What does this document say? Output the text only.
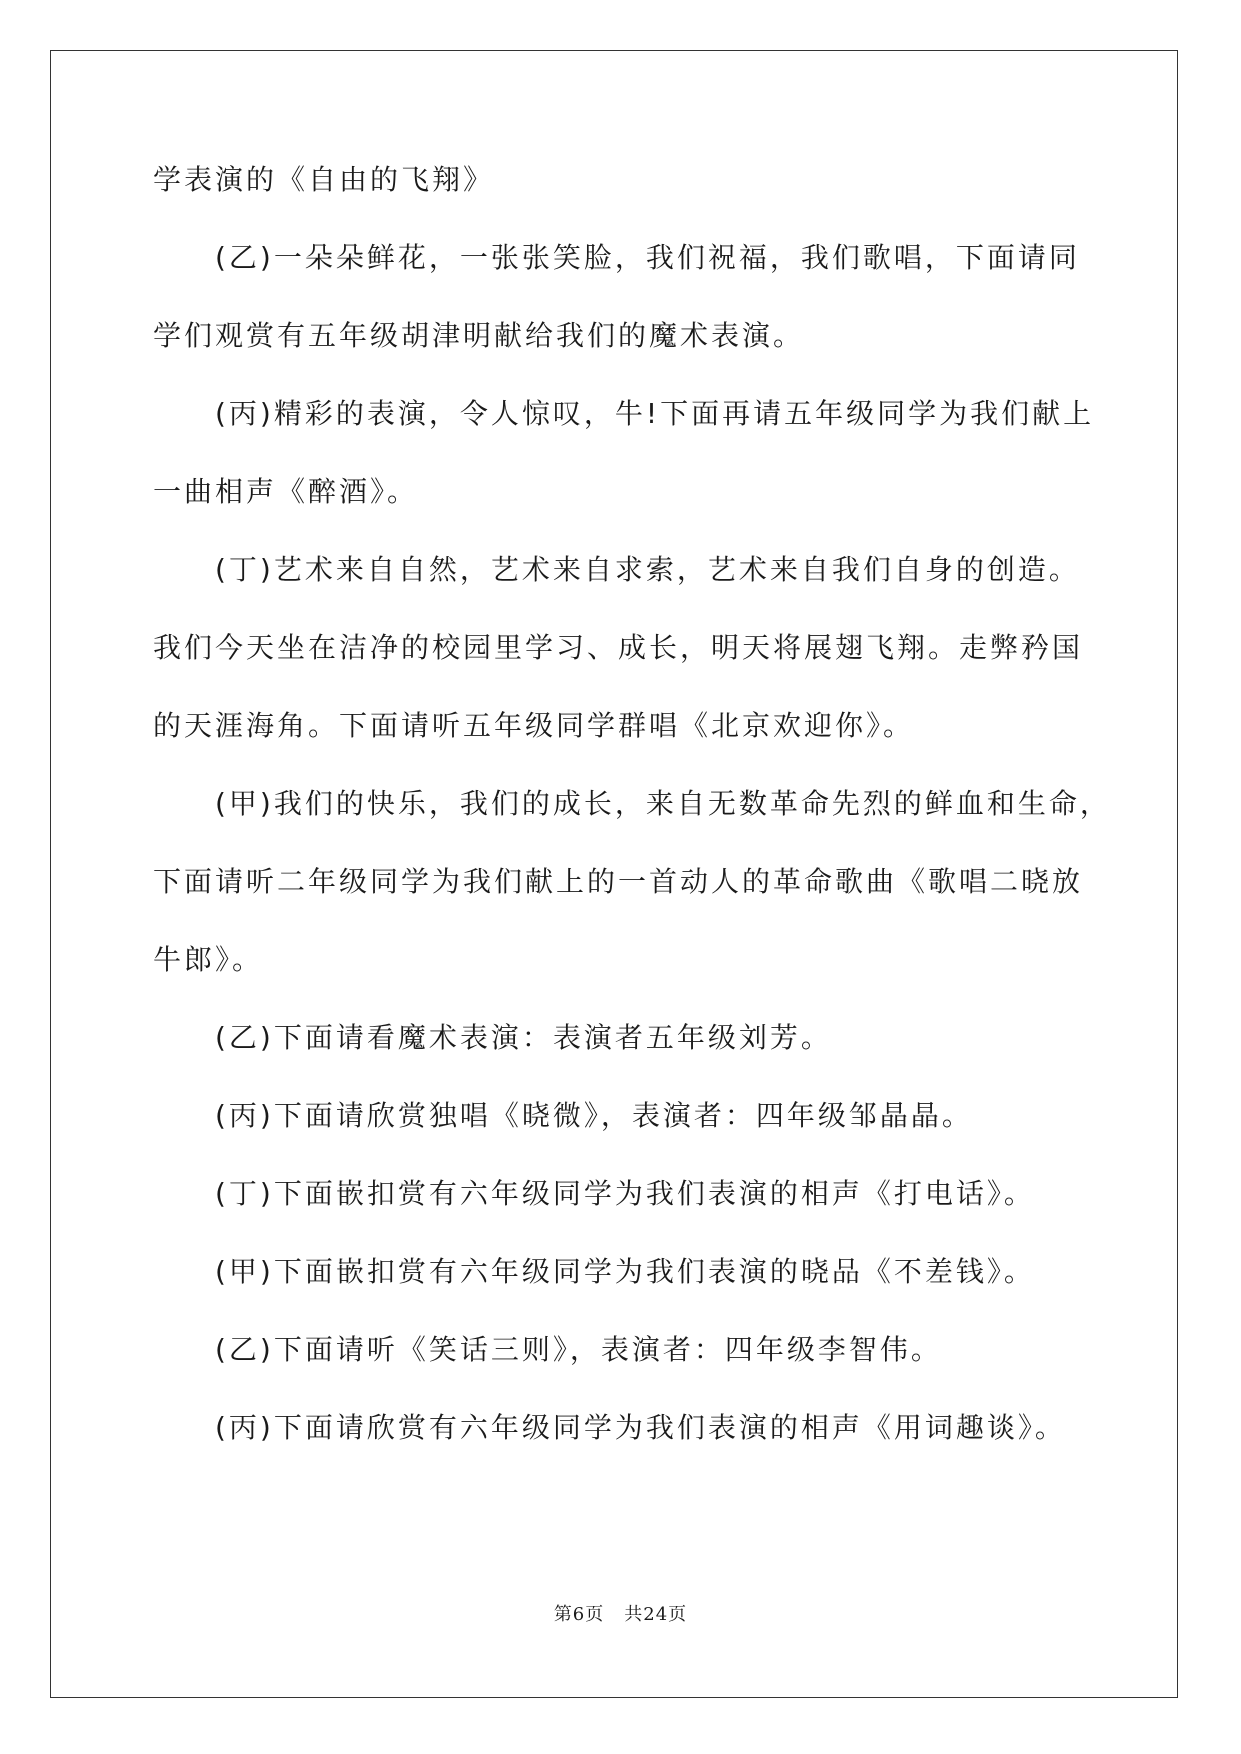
学表演的《自由的飞翔》
(乙)一朵朵鲜花，一张张笑脸，我们祝福，我们歌唱，下面请同
学们观赏有五年级胡津明献给我们的魔术表演。
(丙)精彩的表演，令人惊叹，牛!下面再请五年级同学为我们献上
一曲相声《醉酒》。
(丁)艺术来自自然，艺术来自求索，艺术来自我们自身的创造。
我们今天坐在洁净的校园里学习、成长，明天将展翅飞翔。走弊矜国
的天涯海角。下面请听五年级同学群唱《北京欢迎你》。
(甲)我们的快乐，我们的成长，来自无数革命先烈的鲜血和生命，
下面请听二年级同学为我们献上的一首动人的革命歌曲《歌唱二晓放
牛郎》。
(乙)下面请看魔术表演：表演者五年级刘芳。
(丙)下面请欣赏独唱《晓微》，表演者：四年级邹晶晶。
(丁)下面嵌扣赏有六年级同学为我们表演的相声《打电话》。
(甲)下面嵌扣赏有六年级同学为我们表演的晓品《不差钱》。
(乙)下面请听《笑话三则》，表演者：四年级李智伟。
(丙)下面请欣赏有六年级同学为我们表演的相声《用词趣谈》。
第6页 共24页
